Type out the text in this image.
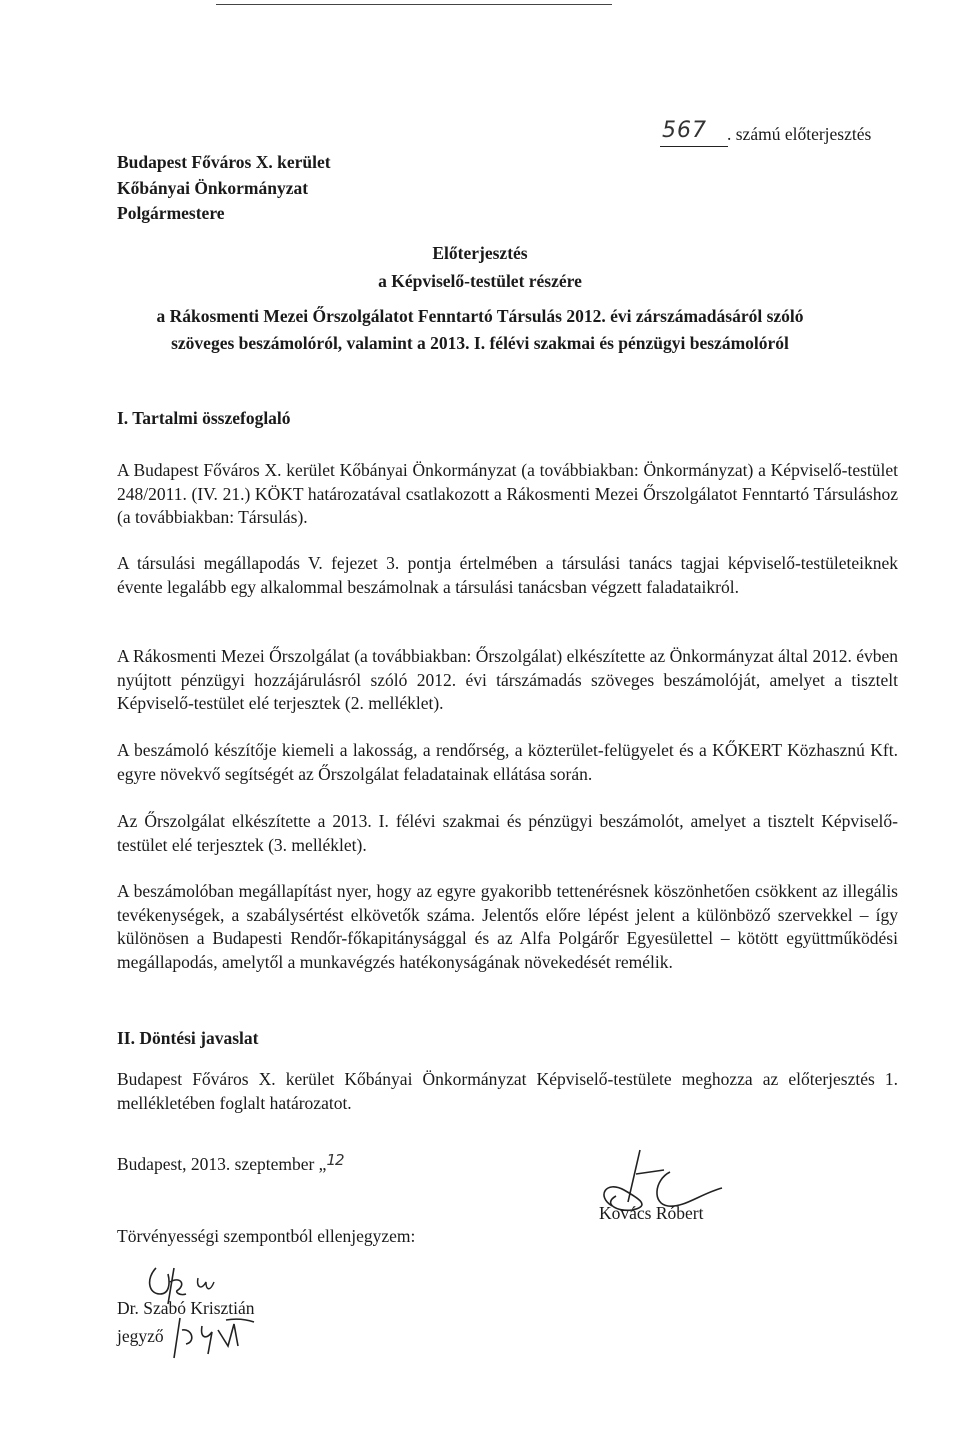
Budapest Főváros X. kerület
Kőbányai Önkormányzat
Polgármestere
567 . számú előterjesztés
Előterjesztés
a Képviselő-testület részére
a Rákosmenti Mezei Őrszolgálatot Fenntartó Társulás 2012. évi zárszámadásáról szóló
szöveges beszámolóról, valamint a 2013. I. félévi szakmai és pénzügyi beszámolóról
I. Tartalmi összefoglaló

A Budapest Főváros X. kerület Kőbányai Önkormányzat (a továbbiakban: Önkormányzat) a Képviselő-testület 248/2011. (IV. 21.) KÖKT határozatával csatlakozott a Rákosmenti Mezei Őrszolgálatot Fenntartó Társuláshoz (a továbbiakban: Társulás).

A társulási megállapodás V. fejezet 3. pontja értelmében a társulási tanács tagjai képviselő-testületeiknek évente legalább egy alkalommal beszámolnak a társulási tanácsban végzett faladataikról.

A Rákosmenti Mezei Őrszolgálat (a továbbiakban: Őrszolgálat) elkészítette az Önkormányzat által 2012. évben nyújtott pénzügyi hozzájárulásról szóló 2012. évi társzámadás szöveges beszámolóját, amelyet a tisztelt Képviselő-testület elé terjesztek (2. melléklet).

A beszámoló készítője kiemeli a lakosság, a rendőrség, a közterület-felügyelet és a KŐKERT Közhasznú Kft. egyre növekvő segítségét az Őrszolgálat feladatainak ellátása során.

Az Őrszolgálat elkészítette a 2013. I. félévi szakmai és pénzügyi beszámolót, amelyet a tisztelt Képviselő-testület elé terjesztek (3. melléklet).

A beszámolóban megállapítást nyer, hogy az egyre gyakoribb tettenérésnek köszönhetően csökkent az illegális tevékenységek, a szabálysértést elkövetők száma. Jelentős előre lépést jelent a különböző szervekkel – így különösen a Budapesti Rendőr-főkapitánysággal és az Alfa Polgárőr Egyesülettel – kötött együttműködési megállapodás, amelytől a munkavégzés hatékonyságának növekedését remélik.

II. Döntési javaslat

Budapest Főváros X. kerület Kőbányai Önkormányzat Képviselő-testülete meghozza az előterjesztés 1. mellékletében foglalt határozatot.

Budapest, 2013. szeptember „12
Kovács Róbert
Törvényességi szempontból ellenjegyzem:
Dr. Szabó Krisztián
jegyző
